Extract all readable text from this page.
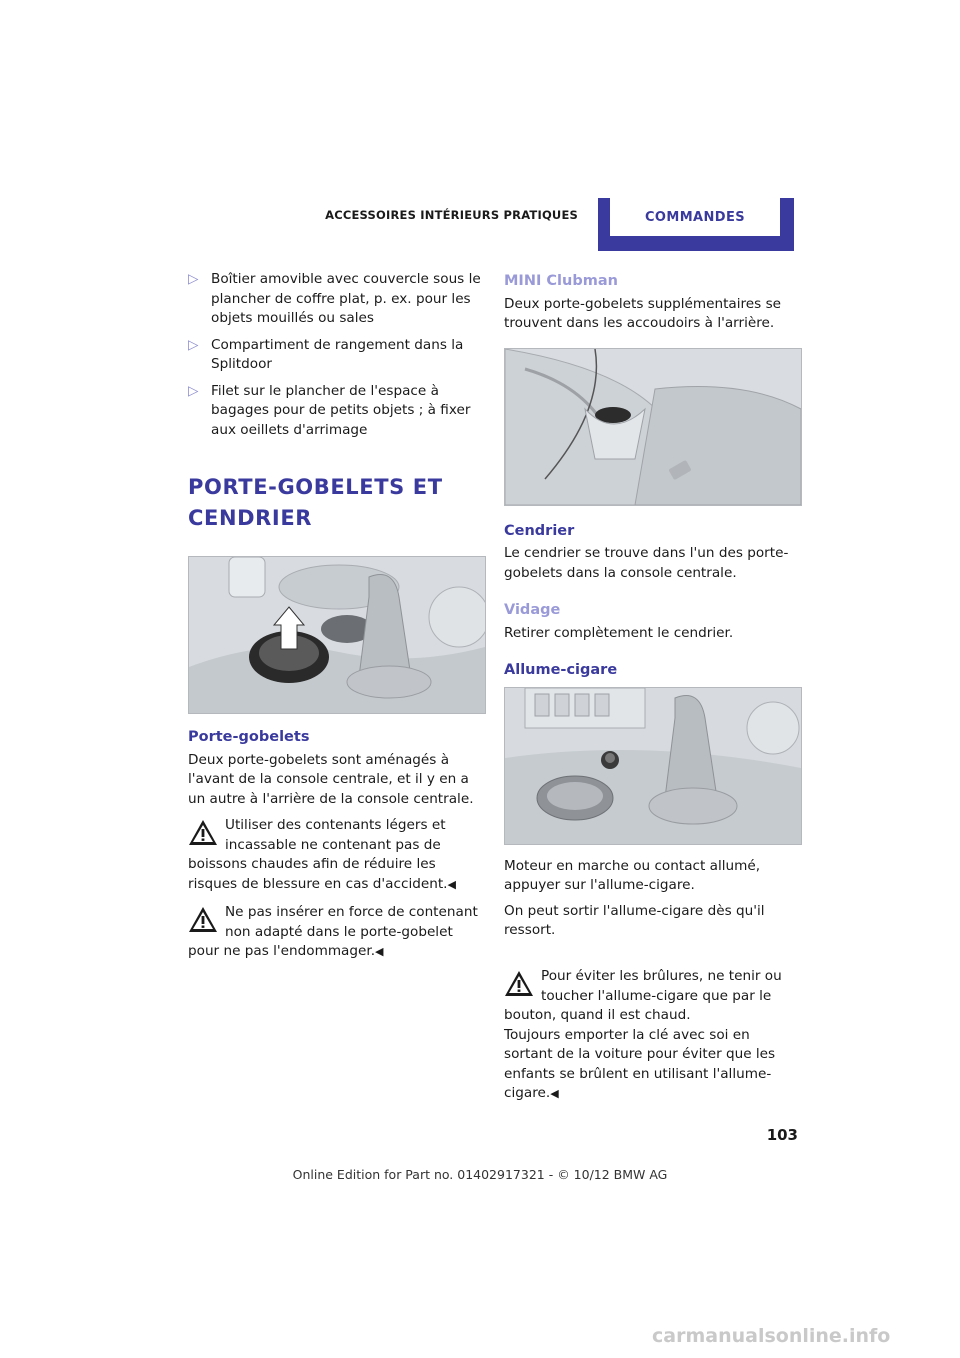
ACCESSOIRES INTÉRIEURS PRATIQUES	COMMANDES
▷ Boîtier amovible avec couvercle sous le plancher de coffre plat, p. ex. pour les objets mouillés ou sales
▷ Compartiment de rangement dans la Splitdoor
▷ Filet sur le plancher de l'espace à bagages pour de petits objets ; à fixer aux oeillets d'arrimage
PORTE-GOBELETS ET CENDRIER
Porte-gobelets

Deux porte-gobelets sont aménagés à l'avant de la console centrale, et il y en a un autre à l'arrière de la console centrale.

Utiliser des contenants légers et incassable ne contenant pas de boissons chaudes afin de réduire les risques de blessure en cas d'accident.◀
Ne pas insérer en force de contenant non adapté dans le porte-gobelet pour ne pas l'endommager.◀
MINI Clubman

Deux porte-gobelets supplémentaires se trouvent dans les accoudoirs à l'arrière.

Cendrier

Le cendrier se trouve dans l'un des porte-gobelets dans la console centrale.

Vidage

Retirer complètement le cendrier.

Allume-cigare

Moteur en marche ou contact allumé, appuyer sur l'allume-cigare.

On peut sortir l'allume-cigare dès qu'il ressort.

Pour éviter les brûlures, ne tenir ou toucher l'allume-cigare que par le bouton, quand il est chaud.
Toujours emporter la clé avec soi en sortant de la voiture pour éviter que les enfants se brûlent en utilisant l'allume-cigare.◀

103
Online Edition for Part no. 01402917321 - © 10/12 BMW AG
carmanualsonline.info
